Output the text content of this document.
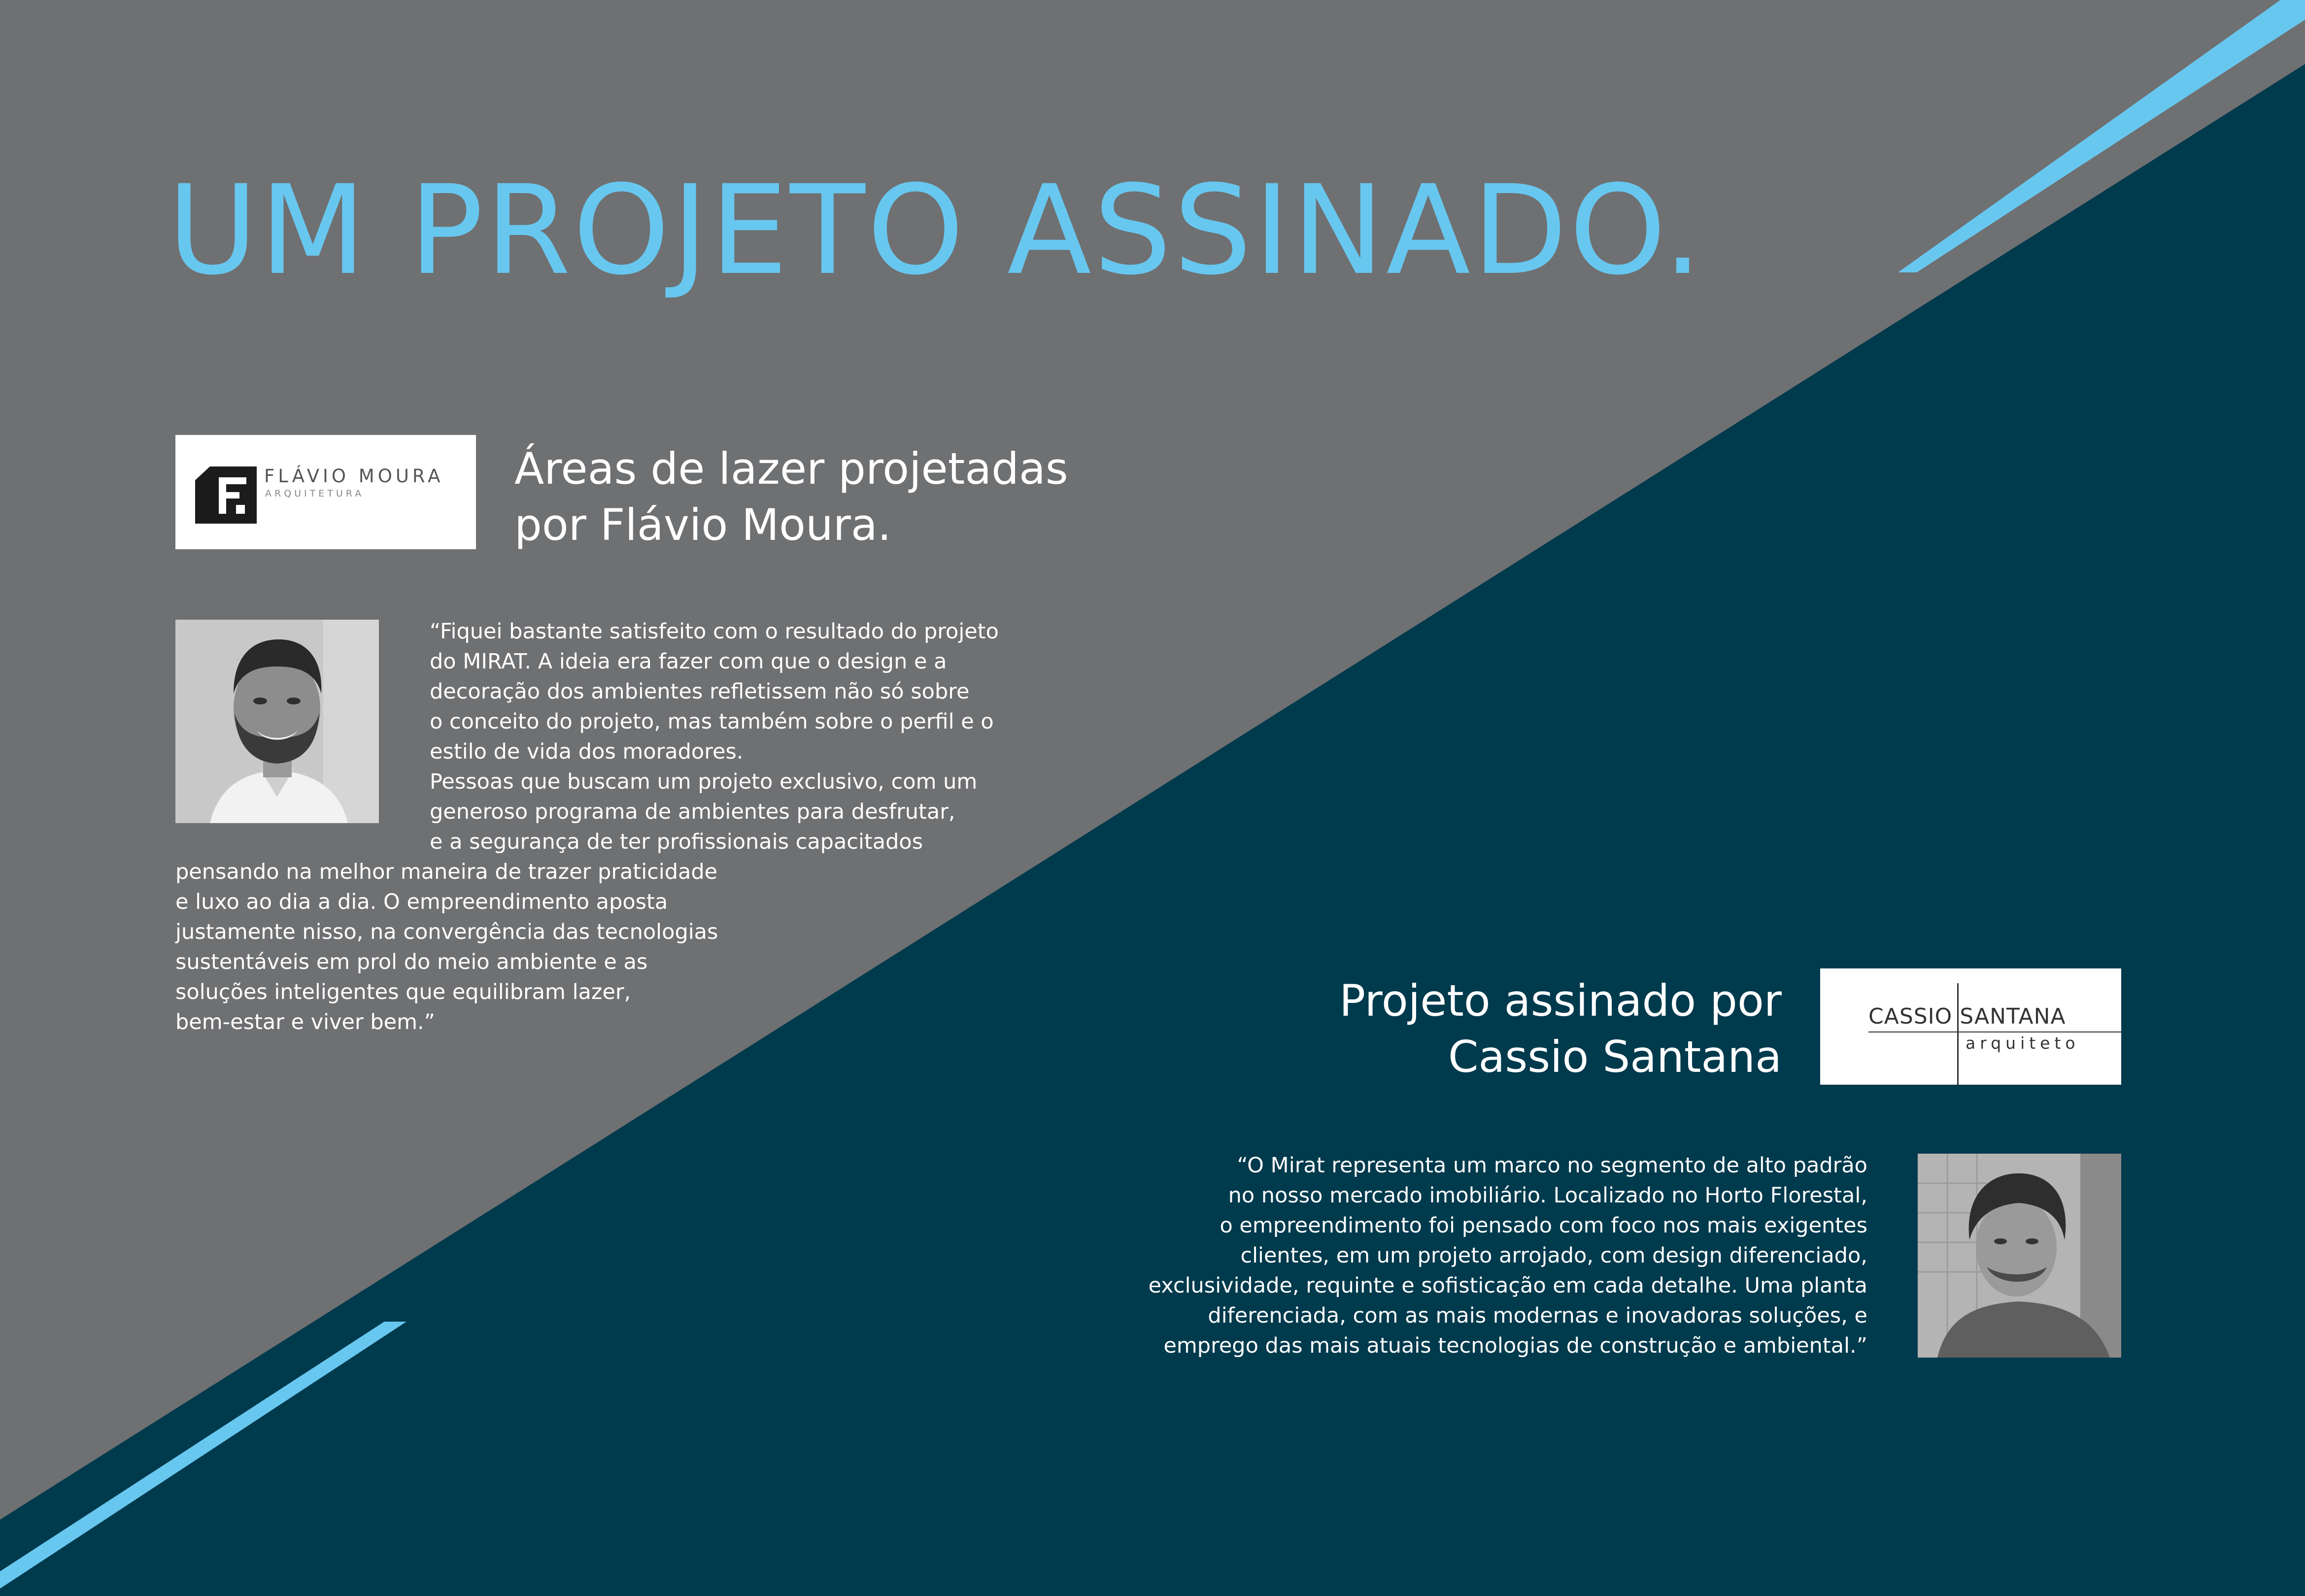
UM PROJETO ASSINADO.
FLÁVIO MOURA
ARQUITETURA	Áreas de lazer projetadas
por Flávio Moura.

“Fiquei bastante satisfeito com o resultado do projeto
do MIRAT. A ideia era fazer com que o design e a
decoração dos ambientes refletissem não só sobre
o conceito do projeto, mas também sobre o perfil e o
estilo de vida dos moradores.
Pessoas que buscam um projeto exclusivo, com um
generoso programa de ambientes para desfrutar,
e a segurança de ter profissionais capacitados
pensando na melhor maneira de trazer praticidade
e luxo ao dia a dia. O empreendimento aposta
justamente nisso, na convergência das tecnologias
sustentáveis em prol do meio ambiente e as
soluções inteligentes que equilibram lazer,
bem-estar e viver bem.”	Projeto assinado por
Cassio Santana
CASSIO SANTANA
arquiteto

“O Mirat representa um marco no segmento de alto padrão
no nosso mercado imobiliário. Localizado no Horto Florestal,
o empreendimento foi pensado com foco nos mais exigentes
clientes, em um projeto arrojado, com design diferenciado,
exclusividade, requinte e sofisticação em cada detalhe. Uma planta
diferenciada, com as mais modernas e inovadoras soluções, e
emprego das mais atuais tecnologias de construção e ambiental.”
